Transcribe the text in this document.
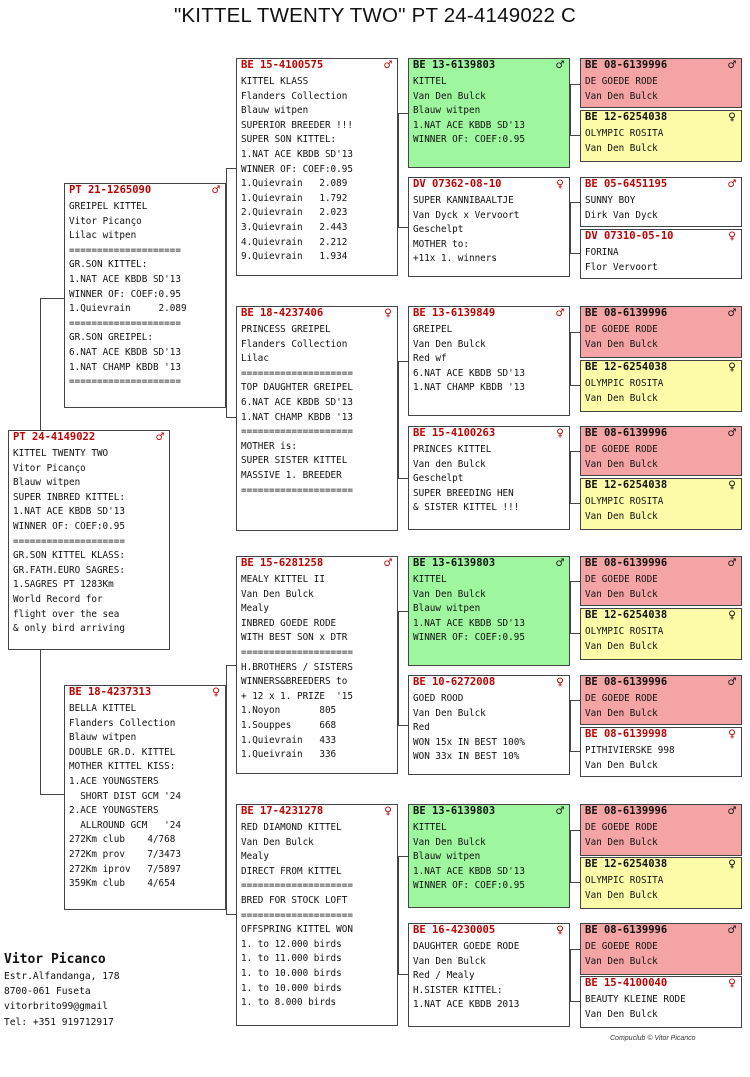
"KITTEL TWENTY TWO" PT 24-4149022 C
PT 24-4149022	♂
KITTEL TWENTY TWO
Vitor Picanço
Blauw witpen
SUPER INBRED KITTEL:
1.NAT ACE KBDB SD'13
WINNER OF: COEF:0.95
====================
GR.SON KITTEL KLASS:
GR.FATH.EURO SAGRES:
1.SAGRES PT 1283Km
World Record for
flight over the sea
& only bird arriving
PT 21-1265090	♂
GREIPEL KITTEL
Vitor Picanço
Lilac witpen
====================
GR.SON KITTEL:
1.NAT ACE KBDB SD'13
WINNER OF: COEF:0.95
1.Quievrain     2.089
====================
GR.SON GREIPEL:
6.NAT ACE KBDB SD'13
1.NAT CHAMP KBDB '13
====================
BE 18-4237313	♀
BELLA KITTEL
Flanders Collection
Blauw witpen
DOUBLE GR.D. KITTEL
MOTHER KITTEL KISS:
1.ACE YOUNGSTERS
SHORT DIST GCM '24
2.ACE YOUNGSTERS
ALLROUND GCM   '24
272Km club    4/768
272Km prov    7/3473
272Km iprov   7/5897
359Km club    4/654
BE 15-4100575	♂
KITTEL KLASS
Flanders Collection
Blauw witpen
SUPERIOR BREEDER !!!
SUPER SON KITTEL:
1.NAT ACE KBDB SD'13
WINNER OF: COEF:0.95
1.Quievrain   2.089
1.Quievrain   1.792
2.Quievrain   2.023
3.Quievrain   2.443
4.Quievrain   2.212
9.Quievrain   1.934
BE 18-4237406	♀
PRINCESS GREIPEL
Flanders Collection
Lilac
====================
TOP DAUGHTER GREIPEL
6.NAT ACE KBDB SD'13
1.NAT CHAMP KBDB '13
====================
MOTHER is:
SUPER SISTER KITTEL
MASSIVE 1. BREEDER
====================
BE 15-6281258	♂
MEALY KITTEL II
Van Den Bulck
Mealy
INBRED GOEDE RODE
WITH BEST SON x DTR
====================
H.BROTHERS / SISTERS
WINNERS&BREEDERS to
+ 12 x 1. PRIZE  '15
1.Noyon       805
1.Souppes     668
1.Quievrain   433
1.Queivrain   336
BE 17-4231278	♀
RED DIAMOND KITTEL
Van Den Bulck
Mealy
DIRECT FROM KITTEL
====================
BRED FOR STOCK LOFT
====================
OFFSPRING KITTEL WON
1. to 12.000 birds
1. to 11.000 birds
1. to 10.000 birds
1. to 10.000 birds
1. to 8.000 birds
BE 13-6139803	♂
KITTEL
Van Den Bulck
Blauw witpen
1.NAT ACE KBDB SD'13
WINNER OF: COEF:0.95
DV 07362-08-10	♀
SUPER KANNIBAALTJE
Van Dyck x Vervoort
Geschelpt
MOTHER to:
+11x 1. winners
BE 13-6139849	♂
GREIPEL
Van Den Bulck
Red wf
6.NAT ACE KBDB SD'13
1.NAT CHAMP KBDB '13
BE 15-4100263	♀
PRINCES KITTEL
Van den Bulck
Geschelpt
SUPER BREEDING HEN
& SISTER KITTEL !!!
BE 13-6139803	♂
KITTEL
Van Den Bulck
Blauw witpen
1.NAT ACE KBDB SD'13
WINNER OF: COEF:0.95
BE 10-6272008	♀
GOED ROOD
Van Den Bulck
Red
WON 15x IN BEST 100%
WON 33x IN BEST 10%
BE 13-6139803	♂
KITTEL
Van Den Bulck
Blauw witpen
1.NAT ACE KBDB SD'13
WINNER OF: COEF:0.95
BE 16-4230005	♀
DAUGHTER GOEDE RODE
Van Den Bulck
Red / Mealy
H.SISTER KITTEL:
1.NAT ACE KBDB 2013
BE 08-6139996	♂
DE GOEDE RODE
Van Den Bulck
BE 12-6254038	♀
OLYMPIC ROSITA
Van Den Bulck
BE 05-6451195	♂
SUNNY BOY
Dirk Van Dyck
DV 07310-05-10	♀
FORINA
Flor Vervoort
BE 08-6139996	♂
DE GOEDE RODE
Van Den Bulck
BE 12-6254038	♀
OLYMPIC ROSITA
Van Den Bulck
BE 08-6139996	♂
DE GOEDE RODE
Van Den Bulck
BE 12-6254038	♀
OLYMPIC ROSITA
Van Den Bulck
BE 08-6139996	♂
DE GOEDE RODE
Van Den Bulck
BE 12-6254038	♀
OLYMPIC ROSITA
Van Den Bulck
BE 08-6139996	♂
DE GOEDE RODE
Van Den Bulck
BE 08-6139998	♀
PITHIVIERSKE 998
Van Den Bulck
BE 08-6139996	♂
DE GOEDE RODE
Van Den Bulck
BE 12-6254038	♀
OLYMPIC ROSITA
Van Den Bulck
BE 08-6139996	♂
DE GOEDE RODE
Van Den Bulck
BE 15-4100040	♀
BEAUTY KLEINE RODE
Van Den Bulck
Vitor Picanco
Estr.Alfandanga, 178
8700-061 Fuseta
vitorbrito99@gmail
Tel: +351 919712917
Compuclub © Vitor Picanco
